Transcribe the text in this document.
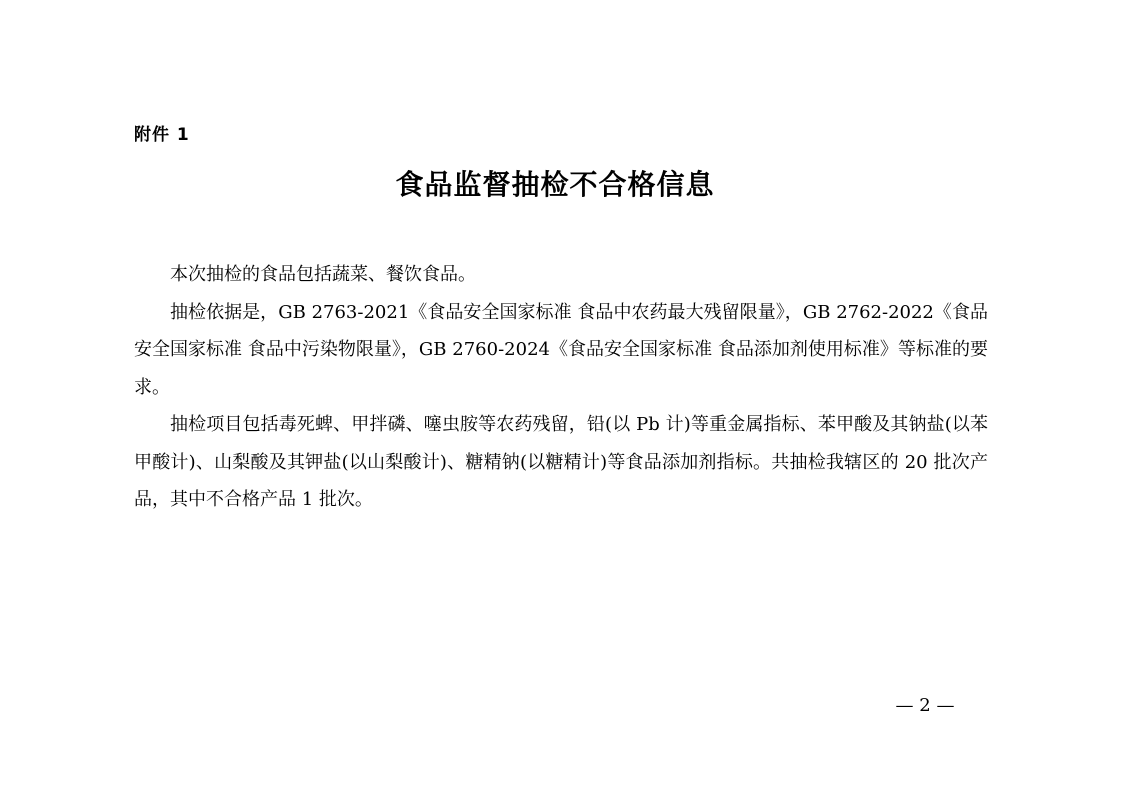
附件 1
食品监督抽检不合格信息

本次抽检的食品包括蔬菜、餐饮食品。

抽检依据是，GB 2763-2021《食品安全国家标准 食品中农药最大残留限量》，GB 2762-2022《食品安全国家标准 食品中污染物限量》，GB 2760-2024《食品安全国家标准 食品添加剂使用标准》等标准的要求。

抽检项目包括毒死蜱、甲拌磷、噻虫胺等农药残留，铅(以 Pb 计)等重金属指标、苯甲酸及其钠盐(以苯甲酸计)、山梨酸及其钾盐(以山梨酸计)、糖精钠(以糖精计)等食品添加剂指标。共抽检我辖区的 20 批次产品，其中不合格产品 1 批次。

— 2 —
